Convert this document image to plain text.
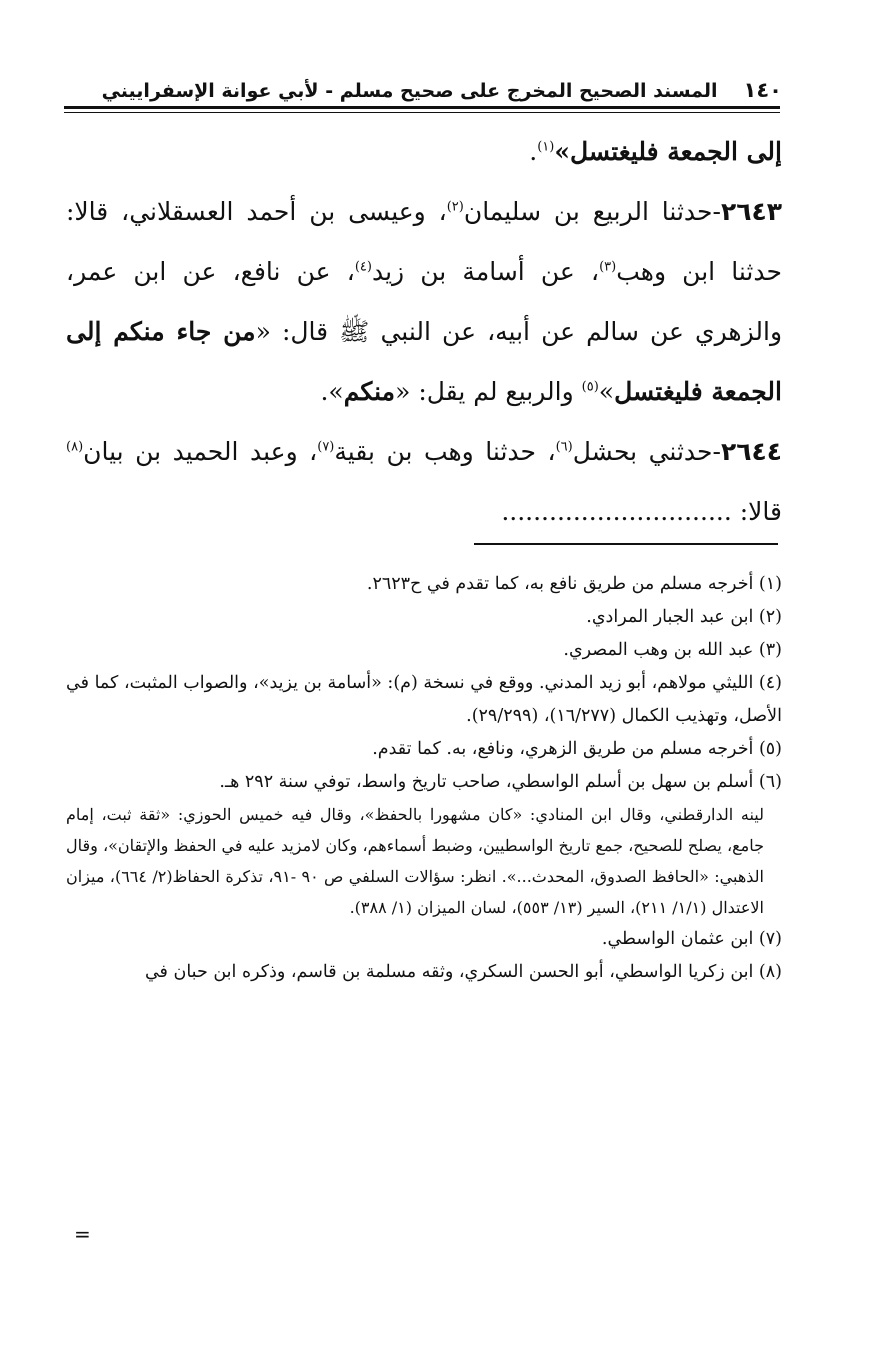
١٤٠
المسند الصحيح المخرج على صحيح مسلم - لأبي عوانة الإسفراييني

إلى الجمعة فليغتسل»$^{(١)}$.

٢٦٤٣-حدثنا الربيع بن سليمان$^{(٢)}$، وعيسى بن أحمد العسقلاني، قالا: حدثنا ابن وهب$^{(٣)}$، عن أسامة بن زيد$^{(٤)}$، عن نافع، عن ابن عمر، والزهري عن سالم عن أبيه، عن النبي ﷺ قال: «من جاء منكم إلى الجمعة فليغتسل»$^{(٥)}$ والربيع لم يقل: «منكم».

٢٦٤٤-حدثني بحشل$^{(٦)}$، حدثنا وهب بن بقية$^{(٧)}$، وعبد الحميد بن بيان$^{(٨)}$ قالا: .............................

(١) أخرجه مسلم من طريق نافع به، كما تقدم في ح٢٦٢٣.

(٢) ابن عبد الجبار المرادي.

(٣) عبد الله بن وهب المصري.

(٤) الليثي مولاهم، أبو زيد المدني. ووقع في نسخة (م): «أسامة بن يزيد»، والصواب المثبت، كما في الأصل، وتهذيب الكمال (١٦/٢٧٧)، (٢٩/٢٩٩).

(٥) أخرجه مسلم من طريق الزهري، ونافع، به. كما تقدم.

(٦) أسلم بن سهل بن أسلم الواسطي، صاحب تاريخ واسط، توفي سنة ٢٩٢ هـ.

لينه الدارقطني، وقال ابن المنادي: «كان مشهورا بالحفظ»، وقال فيه خميس الحوزي: «ثقة ثبت، إمام جامع، يصلح للصحيح، جمع تاريخ الواسطيين، وضبط أسماءهم، وكان لامزيد عليه في الحفظ والإتقان»، وقال الذهبي: «الحافظ الصدوق، المحدث...». انظر: سؤالات السلفي ص ٩٠ -٩١، تذكرة الحفاظ(٢/ ٦٦٤)، ميزان الاعتدال (١/١/ ٢١١)، السير (١٣/ ٥٥٣)، لسان الميزان (١/ ٣٨٨).

(٧) ابن عثمان الواسطي.

(٨) ابن زكريا الواسطي، أبو الحسن السكري، وثقه مسلمة بن قاسم، وذكره ابن حبان في

=
